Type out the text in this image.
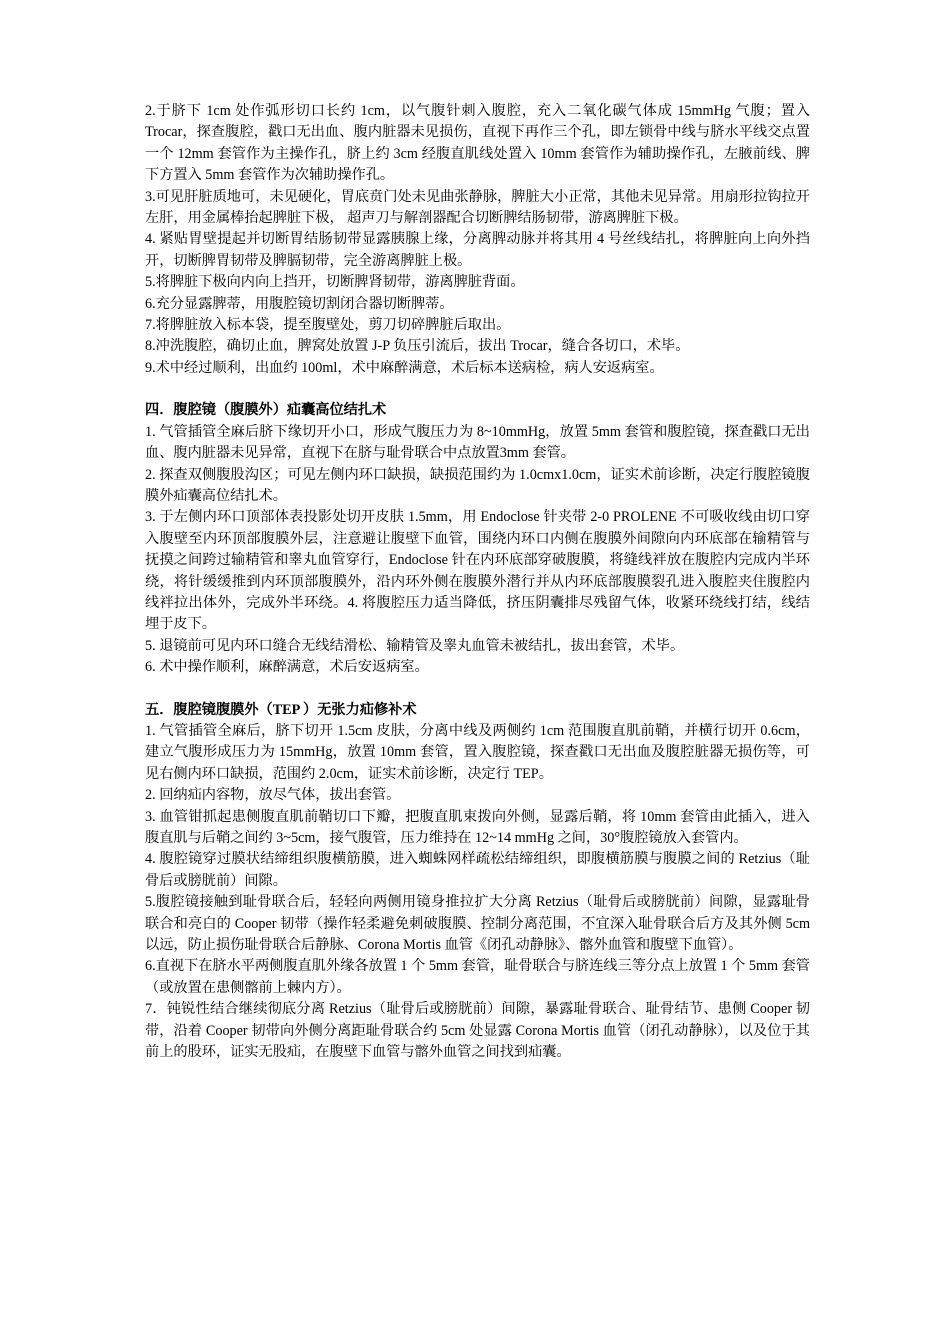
2.于脐下 1cm 处作弧形切口长约 1cm，以气腹针刺入腹腔，充入二氧化碳气体成 15mmHg 气腹；置入 Trocar，探查腹腔，戳口无出血、腹内脏器未见损伤，直视下再作三个孔，即左锁骨中线与脐水平线交点置一个 12mm 套管作为主操作孔，脐上约 3cm 经腹直肌线处置入 10mm 套管作为辅助操作孔，左腋前线、脾下方置入 5mm 套管作为次辅助操作孔。

3.可见肝脏质地可，未见硬化，胃底贲门处未见曲张静脉，脾脏大小正常，其他未见异常。用扇形拉钩拉开左肝，用金属棒抬起脾脏下极， 超声刀与解剖器配合切断脾结肠韧带，游离脾脏下极。

4. 紧贴胃壁提起并切断胃结肠韧带显露胰腺上缘，分离脾动脉并将其用 4 号丝线结扎，将脾脏向上向外挡开，切断脾胃韧带及脾膈韧带，完全游离脾脏上极。

5.将脾脏下极向内向上挡开，切断脾肾韧带，游离脾脏背面。

6.充分显露脾蒂，用腹腔镜切割闭合器切断脾蒂。

7.将脾脏放入标本袋，提至腹壁处，剪刀切碎脾脏后取出。

8.冲洗腹腔，确切止血，脾窝处放置 J-P 负压引流后，拔出 Trocar，缝合各切口，术毕。

9.术中经过顺利，出血约 100ml，术中麻醉满意，术后标本送病检，病人安返病室。

四．腹腔镜（腹膜外）疝囊高位结扎术

1. 气管插管全麻后脐下缘切开小口，形成气腹压力为 8~10mmHg，放置 5mm 套管和腹腔镜，探查戳口无出血、腹内脏器未见异常，直视下在脐与耻骨联合中点放置3mm 套管。

2. 探查双侧腹股沟区；可见左侧内环口缺损，缺损范围约为 1.0cmx1.0cm，证实术前诊断，决定行腹腔镜腹膜外疝囊高位结扎术。

3. 于左侧内环口顶部体表投影处切开皮肤 1.5mm，用 Endoclose 针夹带 2-0 PROLENE 不可吸收线由切口穿入腹壁至内环顶部腹膜外层，注意避让腹壁下血管，围绕内环口内侧在腹膜外间隙向内环底部在输精管与抚摸之间跨过输精管和睾丸血管穿行，Endoclose 针在内环底部穿破腹膜，将缝线袢放在腹腔内完成内半环绕，将针缓缓推到内环顶部腹膜外，沿内环外侧在腹膜外潜行并从内环底部腹膜裂孔进入腹腔夹住腹腔内线袢拉出体外，完成外半环绕。4. 将腹腔压力适当降低，挤压阴囊排尽残留气体，收紧环绕线打结，线结埋于皮下。

5. 退镜前可见内环口缝合无线结滑松、输精管及睾丸血管未被结扎，拔出套管，术毕。

6. 术中操作顺利，麻醉满意，术后安返病室。

五．腹腔镜腹膜外（TEP ）无张力疝修补术

1. 气管插管全麻后，脐下切开 1.5cm 皮肤，分离中线及两侧约 1cm 范围腹直肌前鞘，并横行切开 0.6cm，建立气腹形成压力为 15mmHg，放置 10mm 套管，置入腹腔镜，探查戳口无出血及腹腔脏器无损伤等，可见右侧内环口缺损，范围约 2.0cm，证实术前诊断，决定行 TEP。

2. 回纳疝内容物，放尽气体，拔出套管。

3. 血管钳抓起患侧腹直肌前鞘切口下瓣，把腹直肌束拨向外侧，显露后鞘，将 10mm 套管由此插入，进入腹直肌与后鞘之间约 3~5cm，接气腹管，压力维持在 12~14 mmHg 之间，30°腹腔镜放入套管内。

4. 腹腔镜穿过膜状结缔组织腹横筋膜，进入蜘蛛网样疏松结缔组织，即腹横筋膜与腹膜之间的 Retzius（耻骨后或膀胱前）间隙。

5.腹腔镜接触到耻骨联合后，轻轻向两侧用镜身推拉扩大分离 Retzius（耻骨后或膀胱前）间隙，显露耻骨联合和亮白的 Cooper 韧带（操作轻柔避免刺破腹膜、控制分离范围，不宜深入耻骨联合后方及其外侧 5cm 以远，防止损伤耻骨联合后静脉、Corona Mortis 血管《闭孔动静脉》、髂外血管和腹壁下血管）。

6.直视下在脐水平两侧腹直肌外缘各放置 1 个 5mm 套管，耻骨联合与脐连线三等分点上放置 1 个 5mm 套管（或放置在患侧髂前上棘内方）。

7．钝锐性结合继续彻底分离 Retzius（耻骨后或膀胱前）间隙，暴露耻骨联合、耻骨结节、患侧 Cooper 韧带，沿着 Cooper 韧带向外侧分离距耻骨联合约 5cm 处显露 Corona Mortis 血管（闭孔动静脉），以及位于其前上的股环，证实无股疝，在腹壁下血管与髂外血管之间找到疝囊。
